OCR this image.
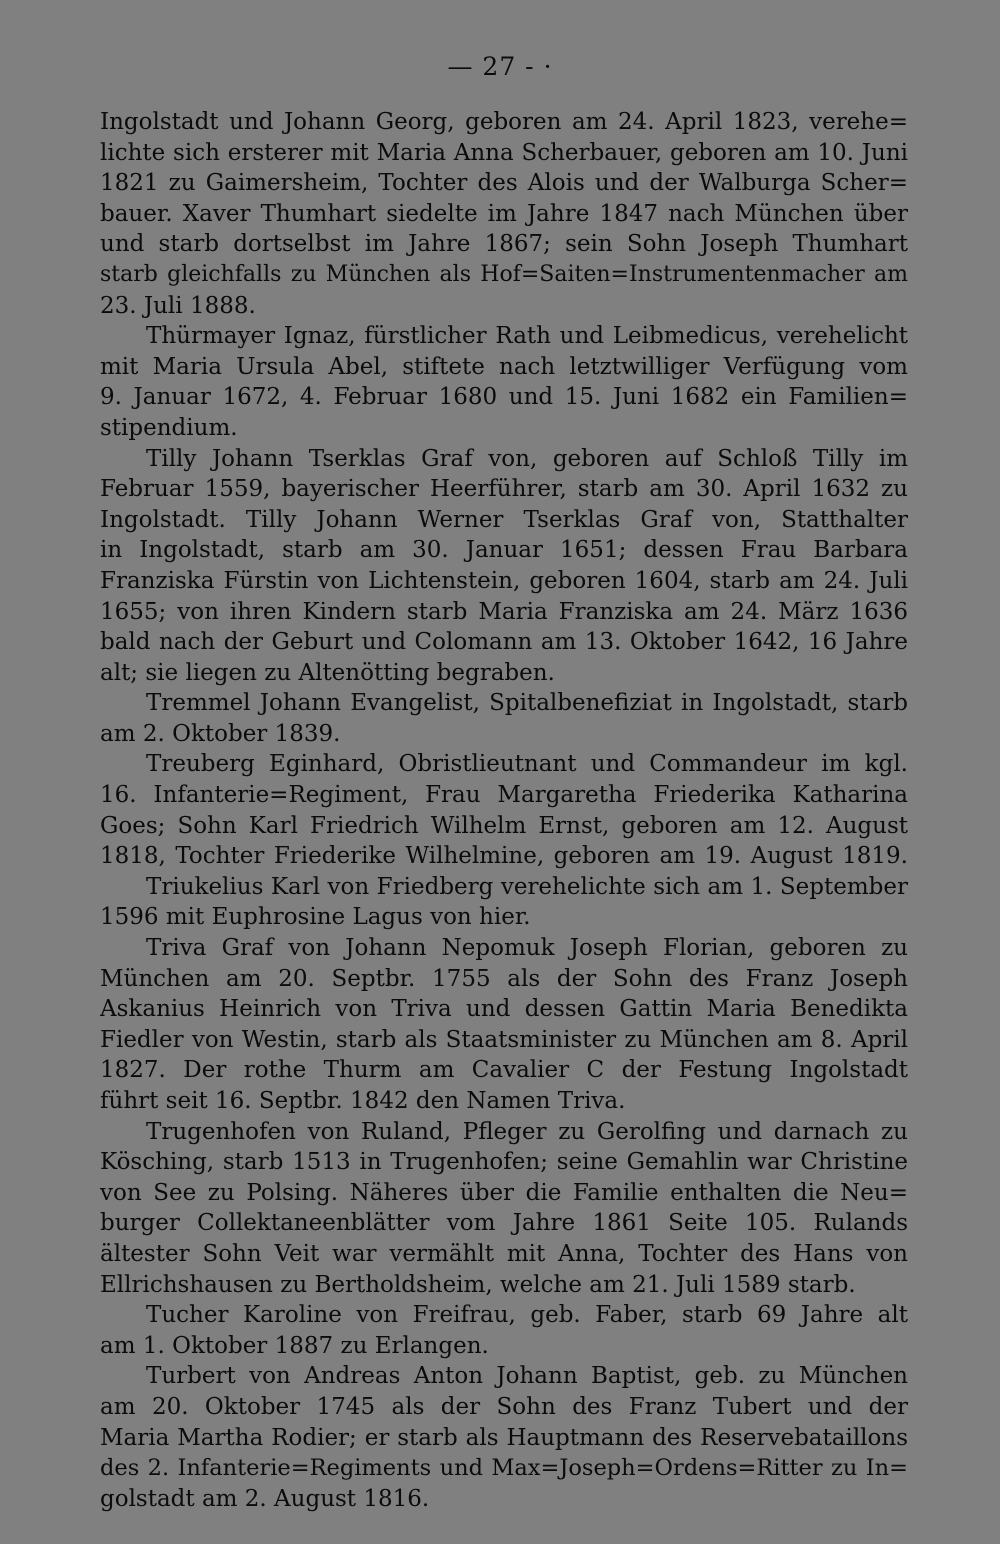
— 27 - ·
Ingolstadt und Johann Georg, geboren am 24. April 1823, verehe=
lichte sich ersterer mit Maria Anna Scherbauer, geboren am 10. Juni
1821 zu Gaimersheim, Tochter des Alois und der Walburga Scher=
bauer. Xaver Thumhart siedelte im Jahre 1847 nach München über
und starb dortselbst im Jahre 1867; sein Sohn Joseph Thumhart
starb gleichfalls zu München als Hof=Saiten=Instrumentenmacher am
23. Juli 1888.
Thürmayer Ignaz, fürstlicher Rath und Leibmedicus, verehelicht
mit Maria Ursula Abel, stiftete nach letztwilliger Verfügung vom
9. Januar 1672, 4. Februar 1680 und 15. Juni 1682 ein Familien=
stipendium.
Tilly Johann Tserklas Graf von, geboren auf Schloß Tilly im
Februar 1559, bayerischer Heerführer, starb am 30. April 1632 zu
Ingolstadt. Tilly Johann Werner Tserklas Graf von, Statthalter
in Ingolstadt, starb am 30. Januar 1651; dessen Frau Barbara
Franziska Fürstin von Lichtenstein, geboren 1604, starb am 24. Juli
1655; von ihren Kindern starb Maria Franziska am 24. März 1636
bald nach der Geburt und Colomann am 13. Oktober 1642, 16 Jahre
alt; sie liegen zu Altenötting begraben.
Tremmel Johann Evangelist, Spitalbenefiziat in Ingolstadt, starb
am 2. Oktober 1839.
Treuberg Eginhard, Obristlieutnant und Commandeur im kgl.
16. Infanterie=Regiment, Frau Margaretha Friederika Katharina
Goes; Sohn Karl Friedrich Wilhelm Ernst, geboren am 12. August
1818, Tochter Friederike Wilhelmine, geboren am 19. August 1819.
Triukelius Karl von Friedberg verehelichte sich am 1. September
1596 mit Euphrosine Lagus von hier.
Triva Graf von Johann Nepomuk Joseph Florian, geboren zu
München am 20. Septbr. 1755 als der Sohn des Franz Joseph
Askanius Heinrich von Triva und dessen Gattin Maria Benedikta
Fiedler von Westin, starb als Staatsminister zu München am 8. April
1827. Der rothe Thurm am Cavalier C der Festung Ingolstadt
führt seit 16. Septbr. 1842 den Namen Triva.
Trugenhofen von Ruland, Pfleger zu Gerolfing und darnach zu
Kösching, starb 1513 in Trugenhofen; seine Gemahlin war Christine
von See zu Polsing. Näheres über die Familie enthalten die Neu=
burger Collektaneenblätter vom Jahre 1861 Seite 105. Rulands
ältester Sohn Veit war vermählt mit Anna, Tochter des Hans von
Ellrichshausen zu Bertholdsheim, welche am 21. Juli 1589 starb.
Tucher Karoline von Freifrau, geb. Faber, starb 69 Jahre alt
am 1. Oktober 1887 zu Erlangen.
Turbert von Andreas Anton Johann Baptist, geb. zu München
am 20. Oktober 1745 als der Sohn des Franz Tubert und der
Maria Martha Rodier; er starb als Hauptmann des Reservebataillons
des 2. Infanterie=Regiments und Max=Joseph=Ordens=Ritter zu In=
golstadt am 2. August 1816.
